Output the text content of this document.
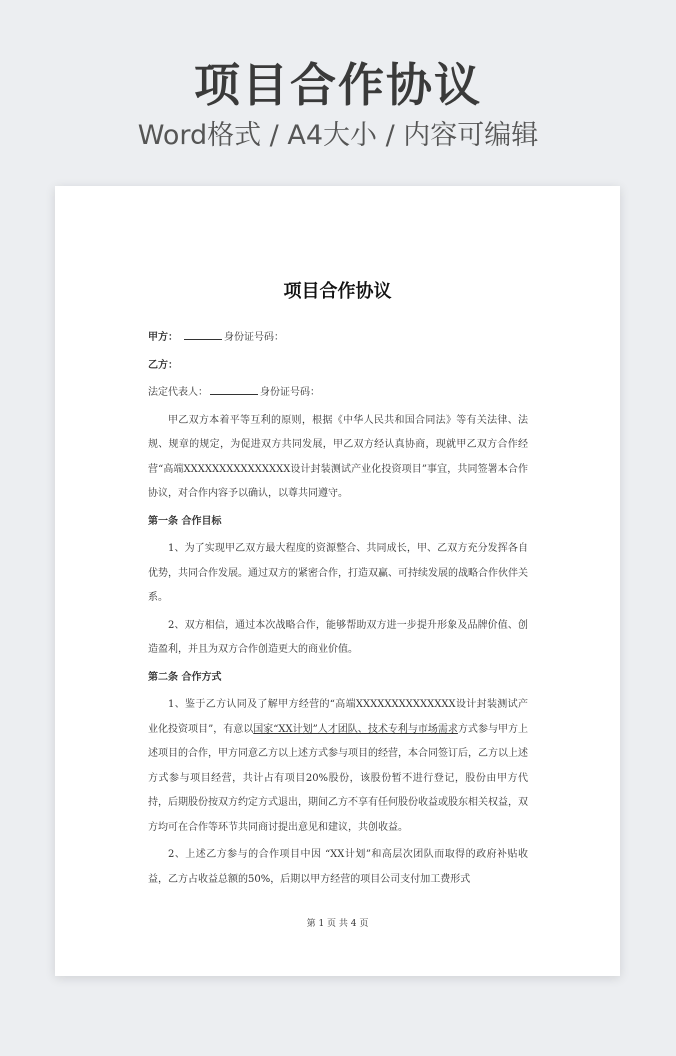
项目合作协议
Word格式 / A4大小 / 内容可编辑
项目合作协议

甲方：	身份证号码：

乙方：

法定代表人：	身份证号码：

甲乙双方本着平等互利的原则，根据《中华人民共和国合同法》等有关法律、法规、规章的规定，为促进双方共同发展，甲乙双方经认真协商，现就甲乙双方合作经营“高端XXXXXXXXXXXXXXX设计封装测试产业化投资项目”事宜，共同签署本合作协议，对合作内容予以确认，以尊共同遵守。

第一条 合作目标

1、为了实现甲乙双方最大程度的资源整合、共同成长，甲、乙双方充分发挥各自优势，共同合作发展。通过双方的紧密合作，打造双赢、可持续发展的战略合作伙伴关系。

2、双方相信，通过本次战略合作，能够帮助双方进一步提升形象及品牌价值、创造盈利，并且为双方合作创造更大的商业价值。

第二条 合作方式

1、鉴于乙方认同及了解甲方经营的“高端XXXXXXXXXXXXXX设计封装测试产业化投资项目”，有意以国家“XX计划”人才团队、技术专利与市场需求方式参与甲方上述项目的合作，甲方同意乙方以上述方式参与项目的经营，本合同签订后，乙方以上述方式参与项目经营，共计占有项目20%股份，该股份暂不进行登记，股份由甲方代持，后期股份按双方约定方式退出，期间乙方不享有任何股份收益或股东相关权益，双方均可在合作等环节共同商讨提出意见和建议，共创收益。

2、上述乙方参与的合作项目中因 “XX计划”和高层次团队而取得的政府补贴收益，乙方占收益总额的50%，后期以甲方经营的项目公司支付加工费形式

第 1 页 共 4 页
